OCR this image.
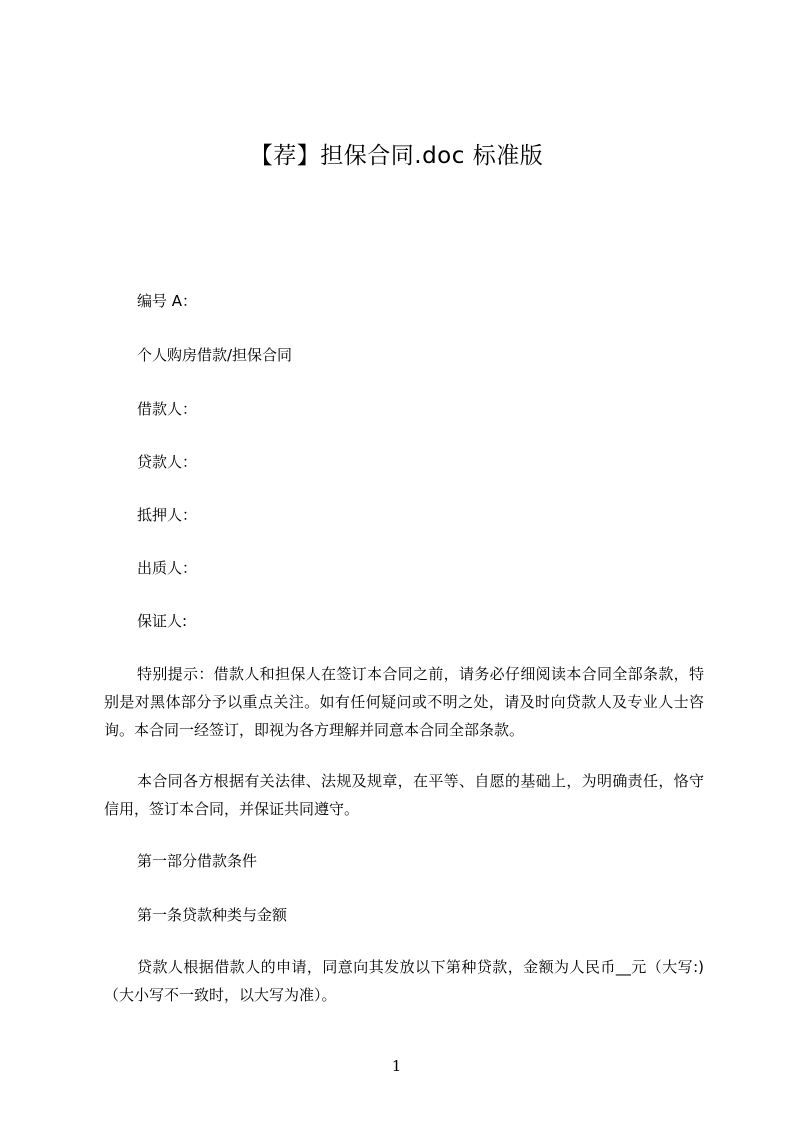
【荐】担保合同.doc 标准版
编号 A：
个人购房借款/担保合同
借款人：
贷款人：
抵押人：
出质人：
保证人:
特别提示：借款人和担保人在签订本合同之前，请务必仔细阅读本合同全部条款，特别是对黑体部分予以重点关注。如有任何疑问或不明之处，请及时向贷款人及专业人士咨询。本合同一经签订，即视为各方理解并同意本合同全部条款。
本合同各方根据有关法律、法规及规章，在平等、自愿的基础上，为明确责任，恪守信用，签订本合同，并保证共同遵守。
第一部分借款条件
第一条贷款种类与金额
贷款人根据借款人的申请，同意向其发放以下第种贷款，金额为人民币__元（大写:)（大小写不一致时，以大写为准）。
1
